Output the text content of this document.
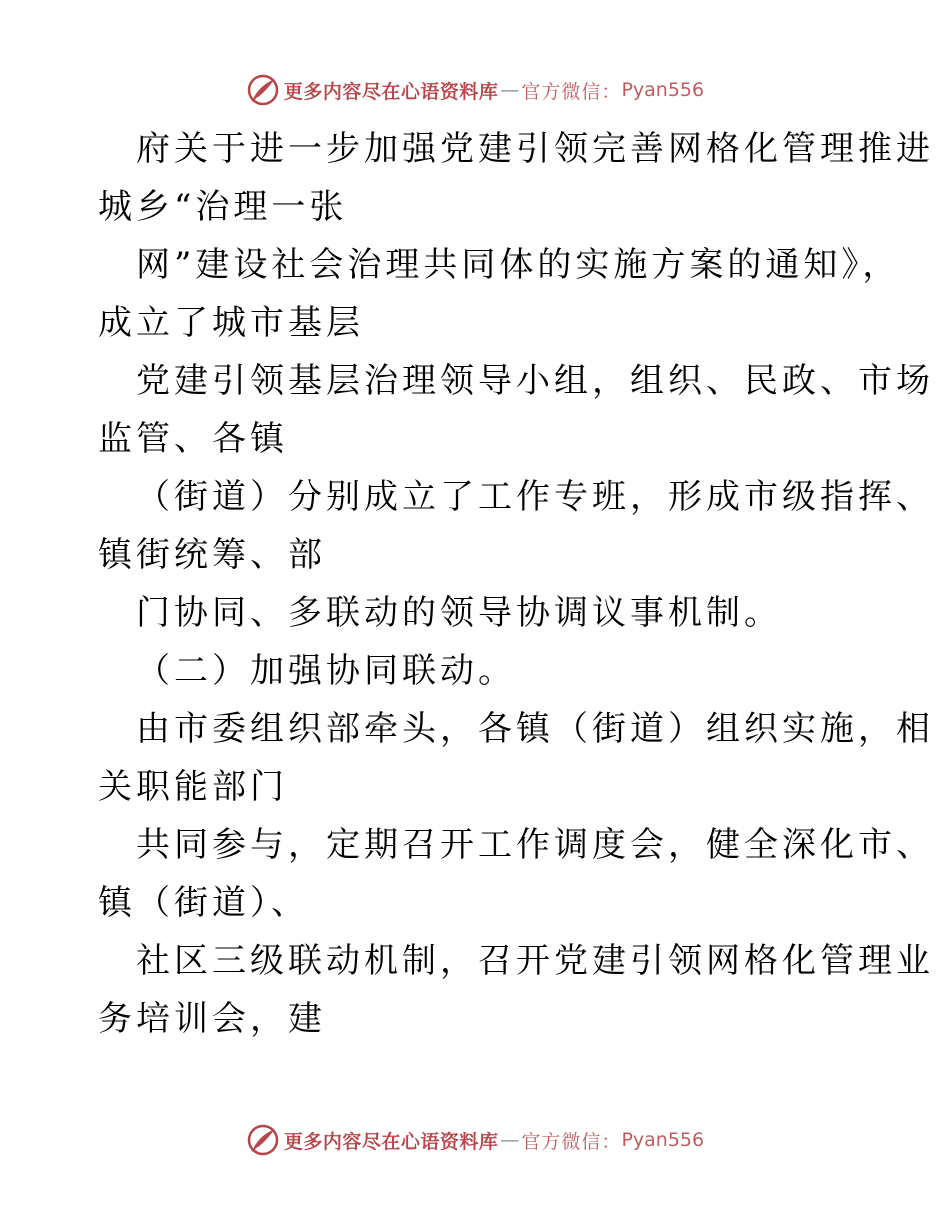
更多内容尽在心语资料库 — 官方微信： Pyan556
府关于进一步加强党建引领完善网格化管理推进
城乡“治理一张
网”建设社会治理共同体的实施方案的通知》，
成立了城市基层
党建引领基层治理领导小组，组织、民政、市场
监管、各镇
（街道）分别成立了工作专班，形成市级指挥、
镇街统筹、部
门协同、多联动的领导协调议事机制。
（二）加强协同联动。
由市委组织部牵头，各镇（街道）组织实施，相
关职能部门
共同参与，定期召开工作调度会，健全深化市、
镇（街道）、
社区三级联动机制，召开党建引领网格化管理业
务培训会，建
更多内容尽在心语资料库 — 官方微信： Pyan556
